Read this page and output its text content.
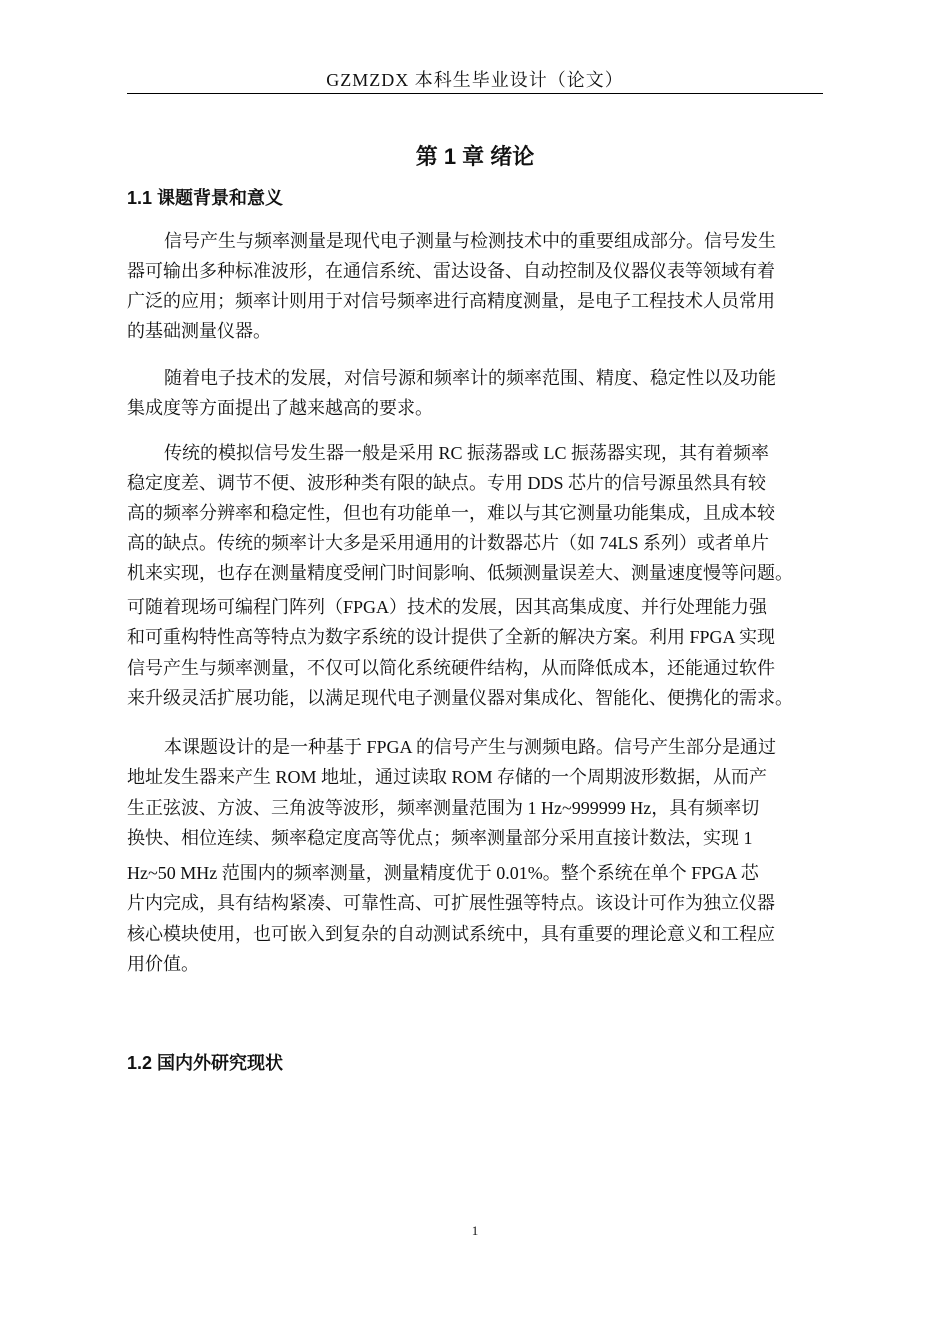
GZMZDX 本科生毕业设计（论文）
第 1 章 绪论
1.1 课题背景和意义
信号产生与频率测量是现代电子测量与检测技术中的重要组成部分。信号发生
器可输出多种标准波形，在通信系统、雷达设备、自动控制及仪器仪表等领域有着
广泛的应用；频率计则用于对信号频率进行高精度测量，是电子工程技术人员常用
的基础测量仪器。
随着电子技术的发展，对信号源和频率计的频率范围、精度、稳定性以及功能
集成度等方面提出了越来越高的要求。
传统的模拟信号发生器一般是采用 RC 振荡器或 LC 振荡器实现，其有着频率
稳定度差、调节不便、波形种类有限的缺点。专用 DDS 芯片的信号源虽然具有较
高的频率分辨率和稳定性，但也有功能单一，难以与其它测量功能集成，且成本较
高的缺点。传统的频率计大多是采用通用的计数器芯片（如 74LS 系列）或者单片
机来实现，也存在测量精度受闸门时间影响、低频测量误差大、测量速度慢等问题。
可随着现场可编程门阵列（FPGA）技术的发展，因其高集成度、并行处理能力强
和可重构特性高等特点为数字系统的设计提供了全新的解决方案。利用 FPGA 实现
信号产生与频率测量，不仅可以简化系统硬件结构，从而降低成本，还能通过软件
来升级灵活扩展功能，以满足现代电子测量仪器对集成化、智能化、便携化的需求。
本课题设计的是一种基于 FPGA 的信号产生与测频电路。信号产生部分是通过
地址发生器来产生 ROM 地址，通过读取 ROM 存储的一个周期波形数据，从而产
生正弦波、方波、三角波等波形，频率测量范围为 1 Hz~999999 Hz，具有频率切
换快、相位连续、频率稳定度高等优点；频率测量部分采用直接计数法，实现 1
Hz~50 MHz 范围内的频率测量，测量精度优于 0.01%。整个系统在单个 FPGA 芯
片内完成，具有结构紧凑、可靠性高、可扩展性强等特点。该设计可作为独立仪器
核心模块使用，也可嵌入到复杂的自动测试系统中，具有重要的理论意义和工程应
用价值。
1.2 国内外研究现状
1
